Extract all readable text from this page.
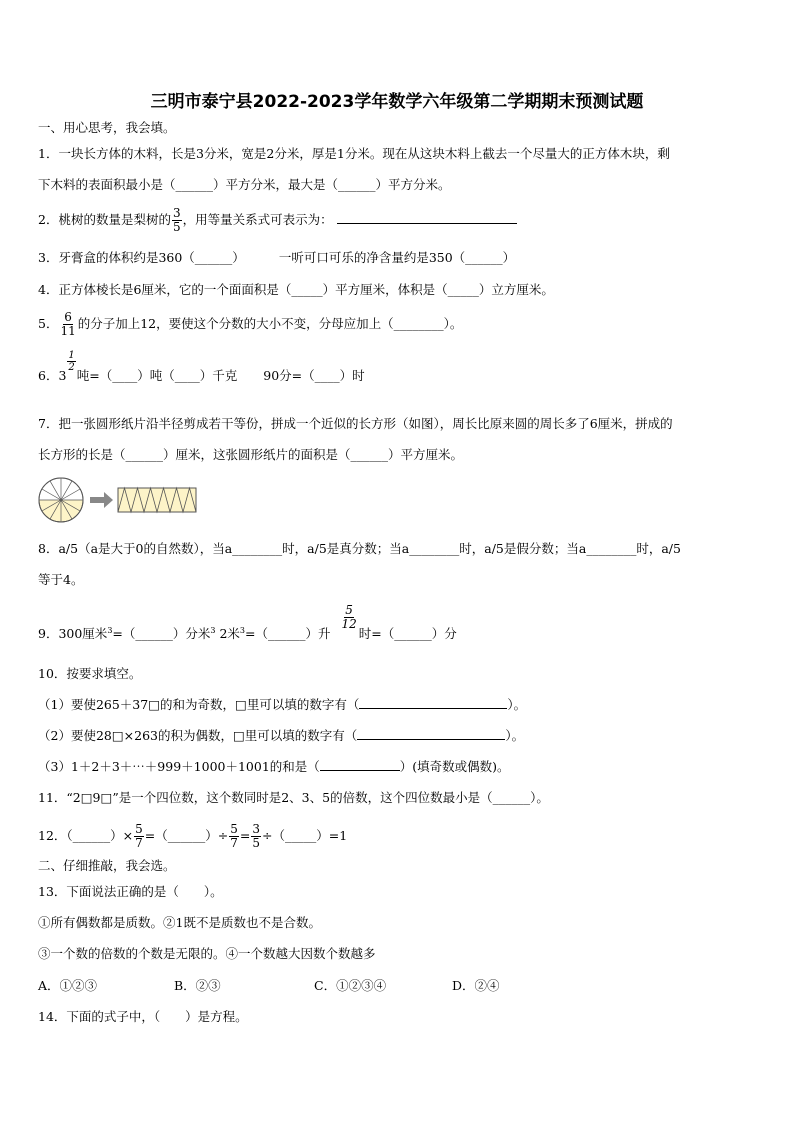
三明市泰宁县2022-2023学年数学六年级第二学期期末预测试题
一、用心思考，我会填。
1．一块长方体的木料，长是3分米，宽是2分米，厚是1分米。现在从这块木料上截去一个尽量大的正方体木块，剩
下木料的表面积最小是（______）平方分米，最大是（______）平方分米。
2．桃树的数量是梨树的 $\frac{3}{5}$ ，用等量关系式可表示为：
3．牙膏盒的体积约是360（______）	一听可口可乐的净含量约是350（______）
4．正方体棱长是6厘米，它的一个面面积是（_____）平方厘米，体积是（_____）立方厘米。
5． $\frac{6}{11}$ 的分子加上12，要使这个分数的大小不变，分母应加上（________）。
6．3
$\frac{1}{2}$
吨=（____）吨（____）千克 90分=（____）时
7．把一张圆形纸片沿半径剪成若干等份，拼成一个近似的长方形（如图），周长比原来圆的周长多了6厘米，拼成的
长方形的长是（______）厘米，这张圆形纸片的面积是（______）平方厘米。
8．a/5（a是大于0的自然数），当a________时，a/5是真分数；当a________时，a/5是假分数；当a________时，a/5
等于4。
9．300厘米$^3$=（______）分米$^3$ 2米$^3$=（______）升
$\frac{5}{12}$
时=（______）分
10．按要求填空。
（1）要使265＋37□的和为奇数，□里可以填的数字有（	）。
（2）要使28□×263的积为偶数，□里可以填的数字有（	）。
（3）1＋2＋3＋⋯＋999＋1000＋1001的和是（	）(填奇数或偶数)。
11．“2□9□”是一个四位数，这个数同时是2、3、5的倍数，这个四位数最小是（______）。
12．（______）× $\frac{5}{7}$ =（______）÷ $\frac{5}{7} = \frac{3}{5}$ ÷（_____）=1
二、仔细推敲，我会选。
13．下面说法正确的是（　　）。
①所有偶数都是质数。②1既不是质数也不是合数。
③一个数的倍数的个数是无限的。④一个数越大因数个数越多
A．①②③	B．②③	C．①②③④	D．②④
14．下面的式子中，（　　）是方程。
